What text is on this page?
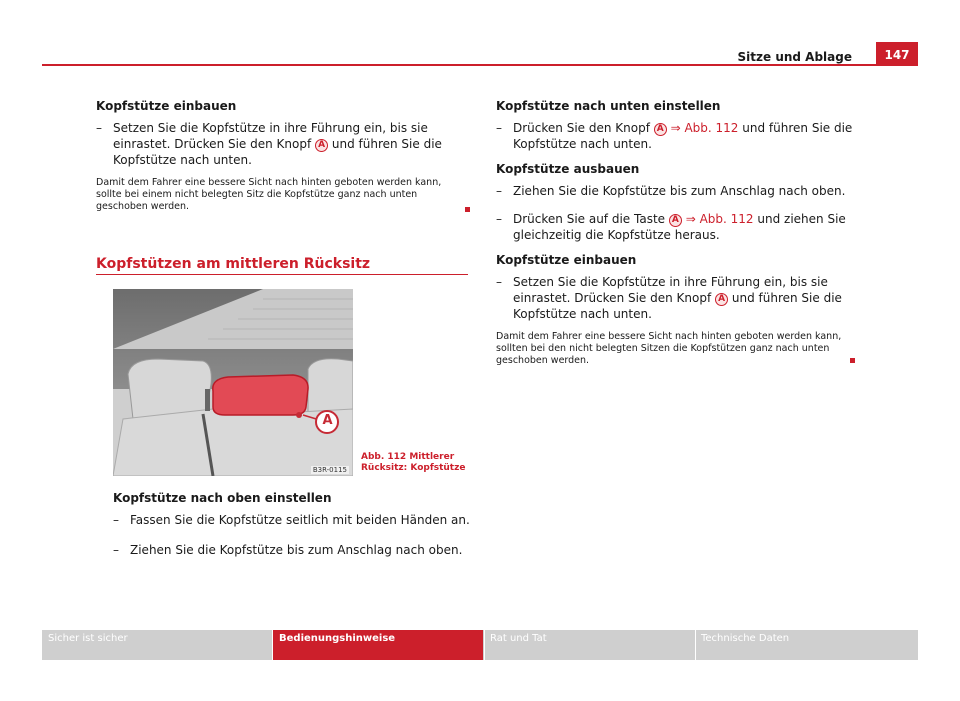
Sitze und Ablage	147
Kopfstütze einbauen
– Setzen Sie die Kopfstütze in ihre Führung ein, bis sie einrastet. Drücken Sie den Knopf A und führen Sie die Kopfstütze nach unten.
Damit dem Fahrer eine bessere Sicht nach hinten geboten werden kann, sollte bei einem nicht belegten Sitz die Kopfstütze ganz nach unten geschoben werden.
Kopfstützen am mittleren Rücksitz
A
B3R-0115
Abb. 112 Mittlerer Rücksitz: Kopfstütze
Kopfstütze nach oben einstellen
– Fassen Sie die Kopfstütze seitlich mit beiden Händen an.
– Ziehen Sie die Kopfstütze bis zum Anschlag nach oben.
Kopfstütze nach unten einstellen
– Drücken Sie den Knopf A ⇒ Abb. 112 und führen Sie die Kopfstütze nach unten.
Kopfstütze ausbauen
– Ziehen Sie die Kopfstütze bis zum Anschlag nach oben.
– Drücken Sie auf die Taste A ⇒ Abb. 112 und ziehen Sie gleichzeitig die Kopfstütze heraus.
Kopfstütze einbauen
– Setzen Sie die Kopfstütze in ihre Führung ein, bis sie einrastet. Drücken Sie den Knopf A und führen Sie die Kopfstütze nach unten.
Damit dem Fahrer eine bessere Sicht nach hinten geboten werden kann, sollten bei den nicht belegten Sitzen die Kopfstützen ganz nach unten geschoben werden.
Sicher ist sicher	Bedienungshinweise	Rat und Tat	Technische Daten
